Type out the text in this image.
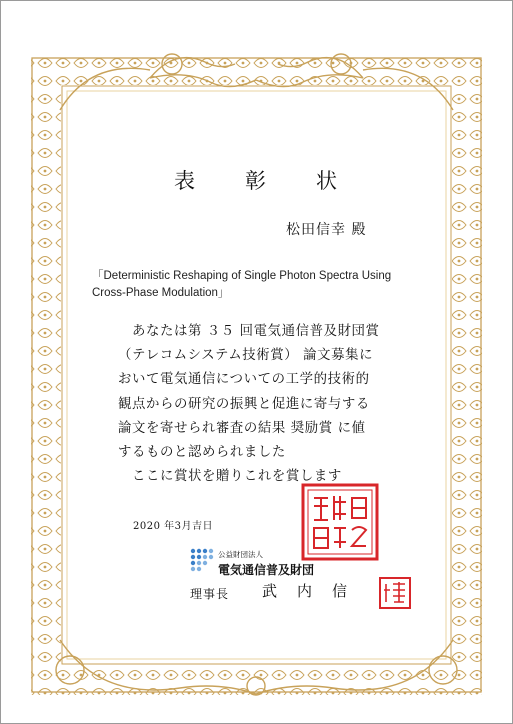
表 彰 状
松田信幸 殿
「Deterministic Reshaping of Single Photon Spectra Using Cross-Phase Modulation」
　あなたは第 ３５ 回電気通信普及財団賞
（テレコムシステム技術賞） 論文募集に
おいて電気通信についての工学的技術的
観点からの研究の振興と促進に寄与する
論文を寄せられ審査の結果 奨励賞 に値
するものと認められました
　ここに賞状を贈りこれを賞します
2020 年3月吉日
公益財団法人
電気通信普及財団
理事長 武 内 信
